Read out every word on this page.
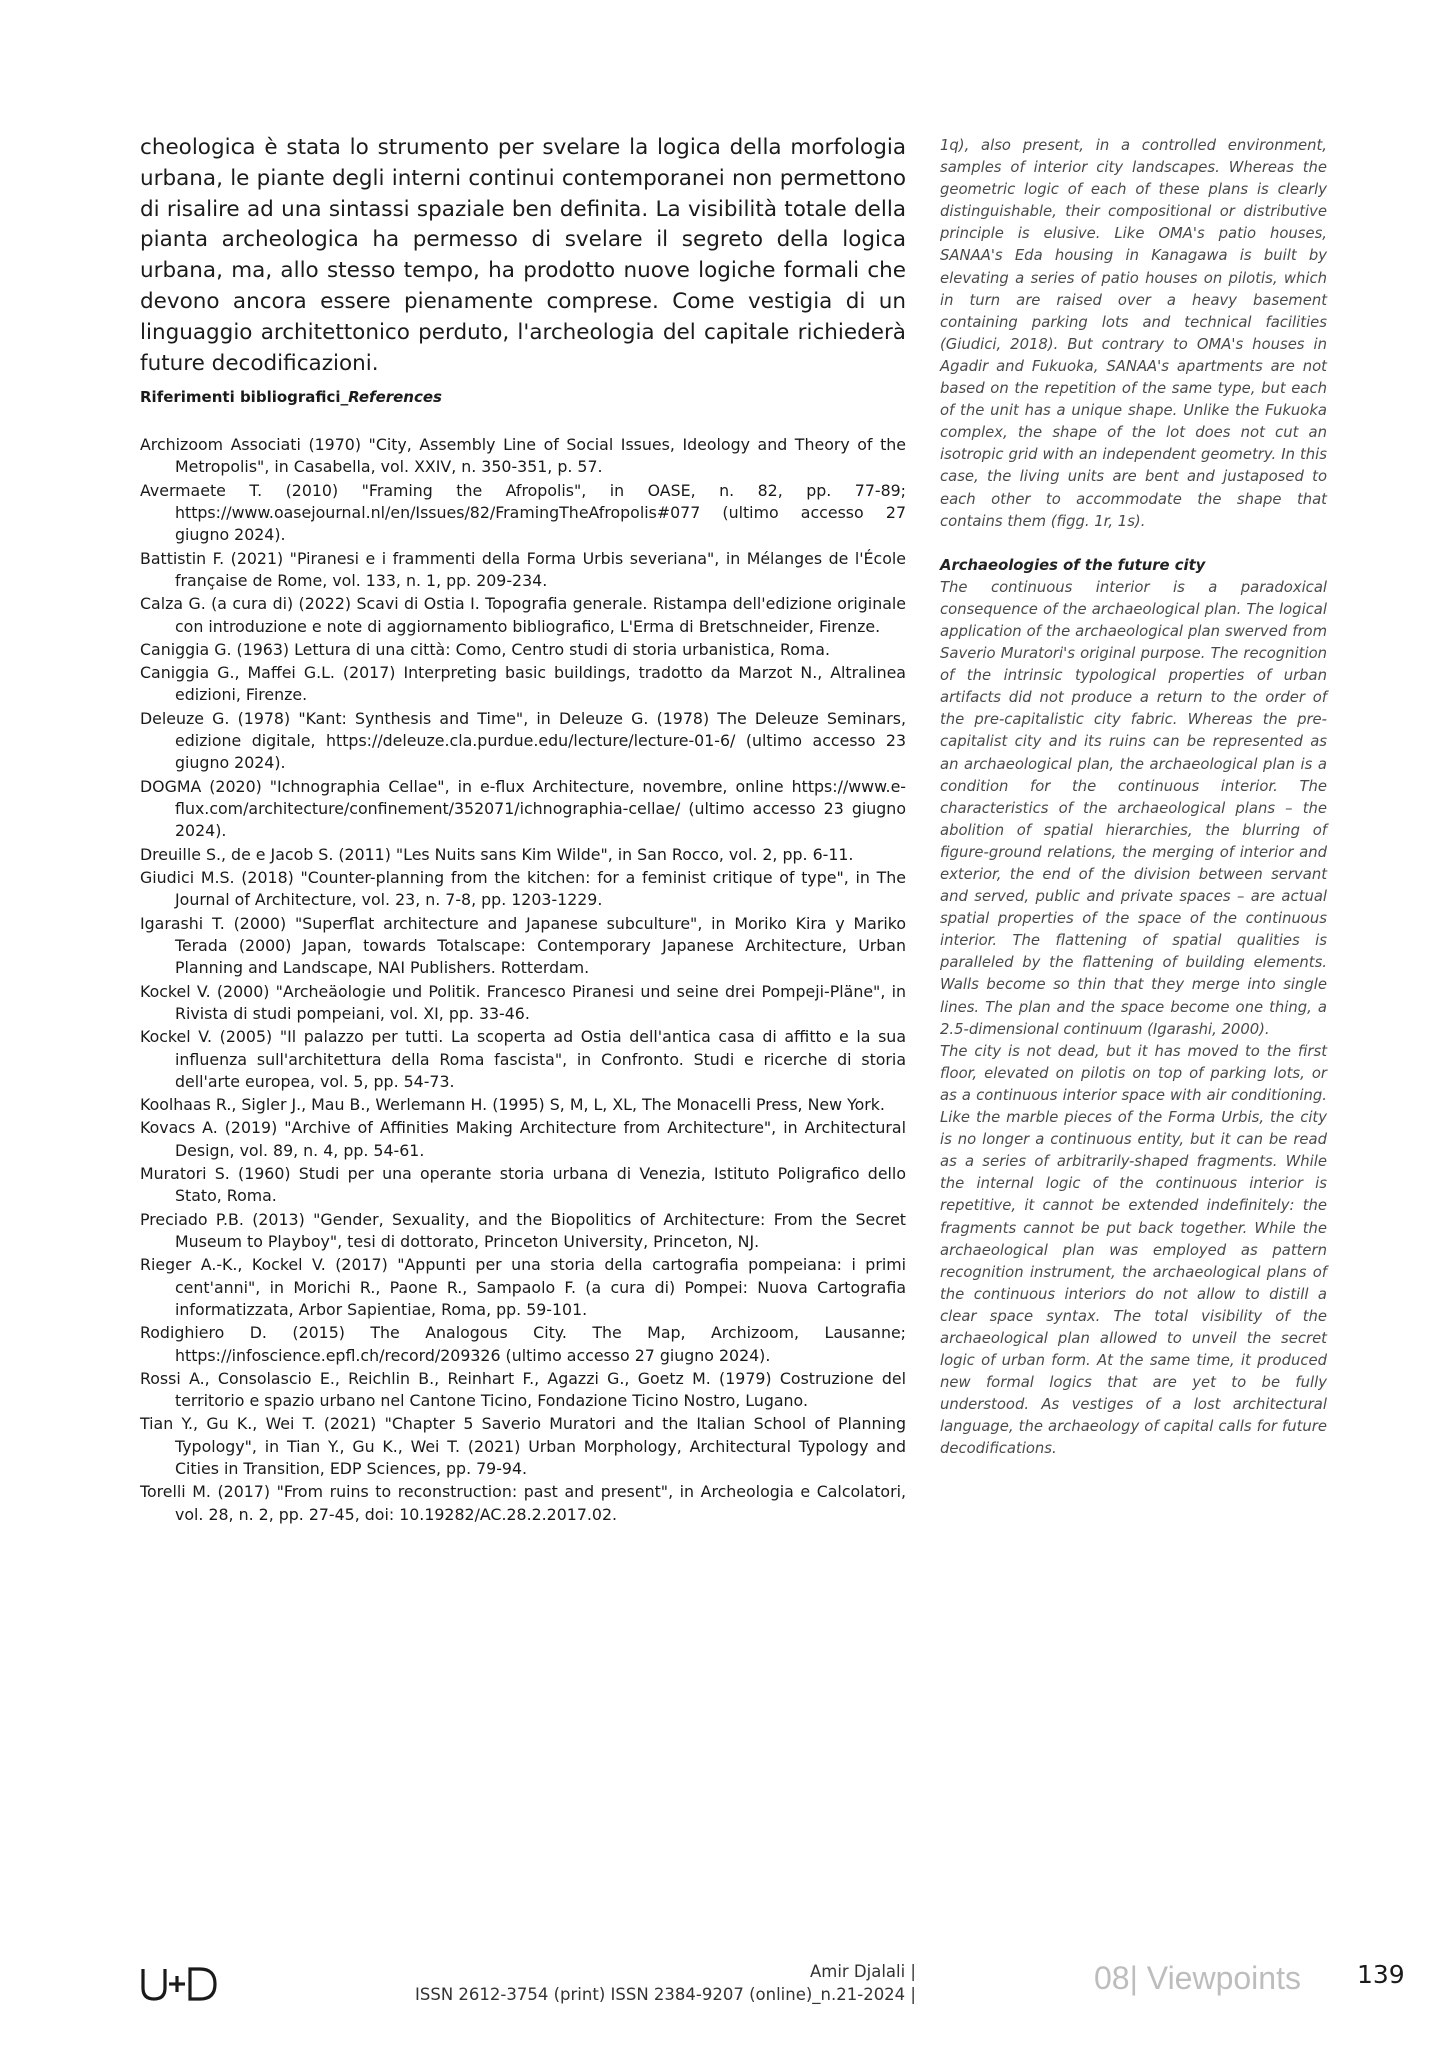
cheologica è stata lo strumento per svelare la logica della morfologia urbana, le piante degli interni continui contemporanei non permettono di risalire ad una sintassi spaziale ben definita. La visibilità totale della pianta archeologica ha permesso di svelare il segreto della logica urbana, ma, allo stesso tempo, ha prodotto nuove logiche formali che devono ancora essere pienamente comprese. Come vestigia di un linguaggio architettonico perduto, l'archeologia del capitale richiederà future decodificazioni.

Riferimenti bibliografici_References

Archizoom Associati (1970) "City, Assembly Line of Social Issues, Ideology and Theory of the Metropolis", in Casabella, vol. XXIV, n. 350-351, p. 57.
Avermaete T. (2010) "Framing the Afropolis", in OASE, n. 82, pp. 77-89; https://www.oasejournal.nl/en/Issues/82/FramingTheAfropolis#077 (ultimo accesso 27 giugno 2024).
Battistin F. (2021) "Piranesi e i frammenti della Forma Urbis severiana", in Mélanges de l'École française de Rome, vol. 133, n. 1, pp. 209-234.
Calza G. (a cura di) (2022) Scavi di Ostia I. Topografia generale. Ristampa dell'edizione originale con introduzione e note di aggiornamento bibliografico, L'Erma di Bretschneider, Firenze.
Caniggia G. (1963) Lettura di una città: Como, Centro studi di storia urbanistica, Roma.
Caniggia G., Maffei G.L. (2017) Interpreting basic buildings, tradotto da Marzot N., Altralinea edizioni, Firenze.
Deleuze G. (1978) "Kant: Synthesis and Time", in Deleuze G. (1978) The Deleuze Seminars, edizione digitale, https://deleuze.cla.purdue.edu/lecture/lecture-01-6/ (ultimo accesso 23 giugno 2024).
DOGMA (2020) "Ichnographia Cellae", in e-flux Architecture, novembre, online https://www.e-flux.com/architecture/confinement/352071/ichnographia-cellae/ (ultimo accesso 23 giugno 2024).
Dreuille S., de e Jacob S. (2011) "Les Nuits sans Kim Wilde", in San Rocco, vol. 2, pp. 6-11.
Giudici M.S. (2018) "Counter-planning from the kitchen: for a feminist critique of type", in The Journal of Architecture, vol. 23, n. 7-8, pp. 1203-1229.
Igarashi T. (2000) "Superflat architecture and Japanese subculture", in Moriko Kira y Mariko Terada (2000) Japan, towards Totalscape: Contemporary Japanese Architecture, Urban Planning and Landscape, NAI Publishers. Rotterdam.
Kockel V. (2000) "Archeäologie und Politik. Francesco Piranesi und seine drei Pompeji-Pläne", in Rivista di studi pompeiani, vol. XI, pp. 33-46.
Kockel V. (2005) "Il palazzo per tutti. La scoperta ad Ostia dell'antica casa di affitto e la sua influenza sull'architettura della Roma fascista", in Confronto. Studi e ricerche di storia dell'arte europea, vol. 5, pp. 54-73.
Koolhaas R., Sigler J., Mau B., Werlemann H. (1995) S, M, L, XL, The Monacelli Press, New York.
Kovacs A. (2019) "Archive of Affinities Making Architecture from Architecture", in Architectural Design, vol. 89, n. 4, pp. 54-61.
Muratori S. (1960) Studi per una operante storia urbana di Venezia, Istituto Poligrafico dello Stato, Roma.
Preciado P.B. (2013) "Gender, Sexuality, and the Biopolitics of Architecture: From the Secret Museum to Playboy", tesi di dottorato, Princeton University, Princeton, NJ.
Rieger A.-K., Kockel V. (2017) "Appunti per una storia della cartografia pompeiana: i primi cent'anni", in Morichi R., Paone R., Sampaolo F. (a cura di) Pompei: Nuova Cartografia informatizzata, Arbor Sapientiae, Roma, pp. 59-101.
Rodighiero D. (2015) The Analogous City. The Map, Archizoom, Lausanne; https://infoscience.epfl.ch/record/209326 (ultimo accesso 27 giugno 2024).
Rossi A., Consolascio E., Reichlin B., Reinhart F., Agazzi G., Goetz M. (1979) Costruzione del territorio e spazio urbano nel Cantone Ticino, Fondazione Ticino Nostro, Lugano.
Tian Y., Gu K., Wei T. (2021) "Chapter 5 Saverio Muratori and the Italian School of Planning Typology", in Tian Y., Gu K., Wei T. (2021) Urban Morphology, Architectural Typology and Cities in Transition, EDP Sciences, pp. 79-94.
Torelli M. (2017) "From ruins to reconstruction: past and present", in Archeologia e Calcolatori, vol. 28, n. 2, pp. 27-45, doi: 10.19282/AC.28.2.2017.02.

1q), also present, in a controlled environment, samples of interior city landscapes. Whereas the geometric logic of each of these plans is clearly distinguishable, their compositional or distributive principle is elusive. Like OMA's patio houses, SANAA's Eda housing in Kanagawa is built by elevating a series of patio houses on pilotis, which in turn are raised over a heavy basement containing parking lots and technical facilities (Giudici, 2018). But contrary to OMA's houses in Agadir and Fukuoka, SANAA's apartments are not based on the repetition of the same type, but each of the unit has a unique shape. Unlike the Fukuoka complex, the shape of the lot does not cut an isotropic grid with an independent geometry. In this case, the living units are bent and justaposed to each other to accommodate the shape that contains them (figg. 1r, 1s).

Archaeologies of the future city

The continuous interior is a paradoxical consequence of the archaeological plan. The logical application of the archaeological plan swerved from Saverio Muratori's original purpose. The recognition of the intrinsic typological properties of urban artifacts did not produce a return to the order of the pre-capitalistic city fabric. Whereas the pre-capitalist city and its ruins can be represented as an archaeological plan, the archaeological plan is a condition for the continuous interior. The characteristics of the archaeological plans – the abolition of spatial hierarchies, the blurring of figure-ground relations, the merging of interior and exterior, the end of the division between servant and served, public and private spaces – are actual spatial properties of the space of the continuous interior. The flattening of spatial qualities is paralleled by the flattening of building elements. Walls become so thin that they merge into single lines. The plan and the space become one thing, a 2.5-dimensional continuum (Igarashi, 2000).

The city is not dead, but it has moved to the first floor, elevated on pilotis on top of parking lots, or as a continuous interior space with air conditioning. Like the marble pieces of the Forma Urbis, the city is no longer a continuous entity, but it can be read as a series of arbitrarily-shaped fragments. While the internal logic of the continuous interior is repetitive, it cannot be extended indefinitely: the fragments cannot be put back together. While the archaeological plan was employed as pattern recognition instrument, the archaeological plans of the continuous interiors do not allow to distill a clear space syntax. The total visibility of the archaeological plan allowed to unveil the secret logic of urban form. At the same time, it produced new formal logics that are yet to be fully understood. As vestiges of a lost architectural language, the archaeology of capital calls for future decodifications.

Amir Djalali |
ISSN 2612-3754 (print) ISSN 2384-9207 (online)_n.21-2024 |	08| Viewpoints 139
